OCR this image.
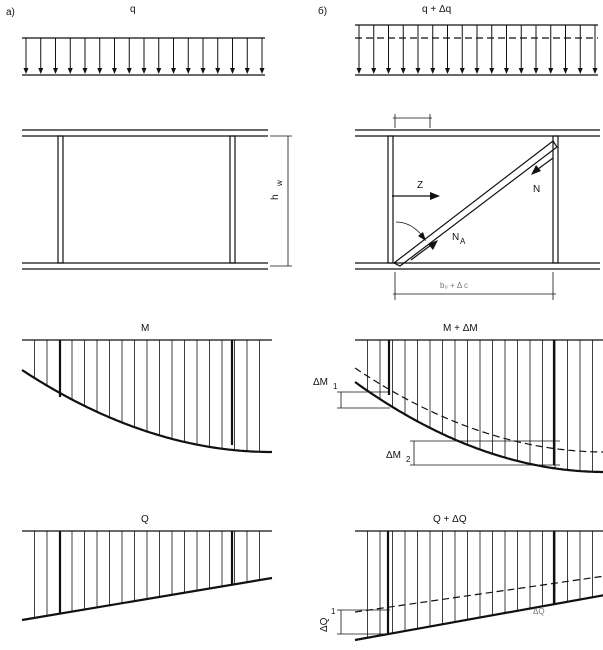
a)	q	б)	q + Δq
h
w	Z	N
N A
b₀ + Δ c
M	M + ΔM
ΔM 1
ΔM 2
Q	Q + ΔQ
ΔQ
1	ΔQ
